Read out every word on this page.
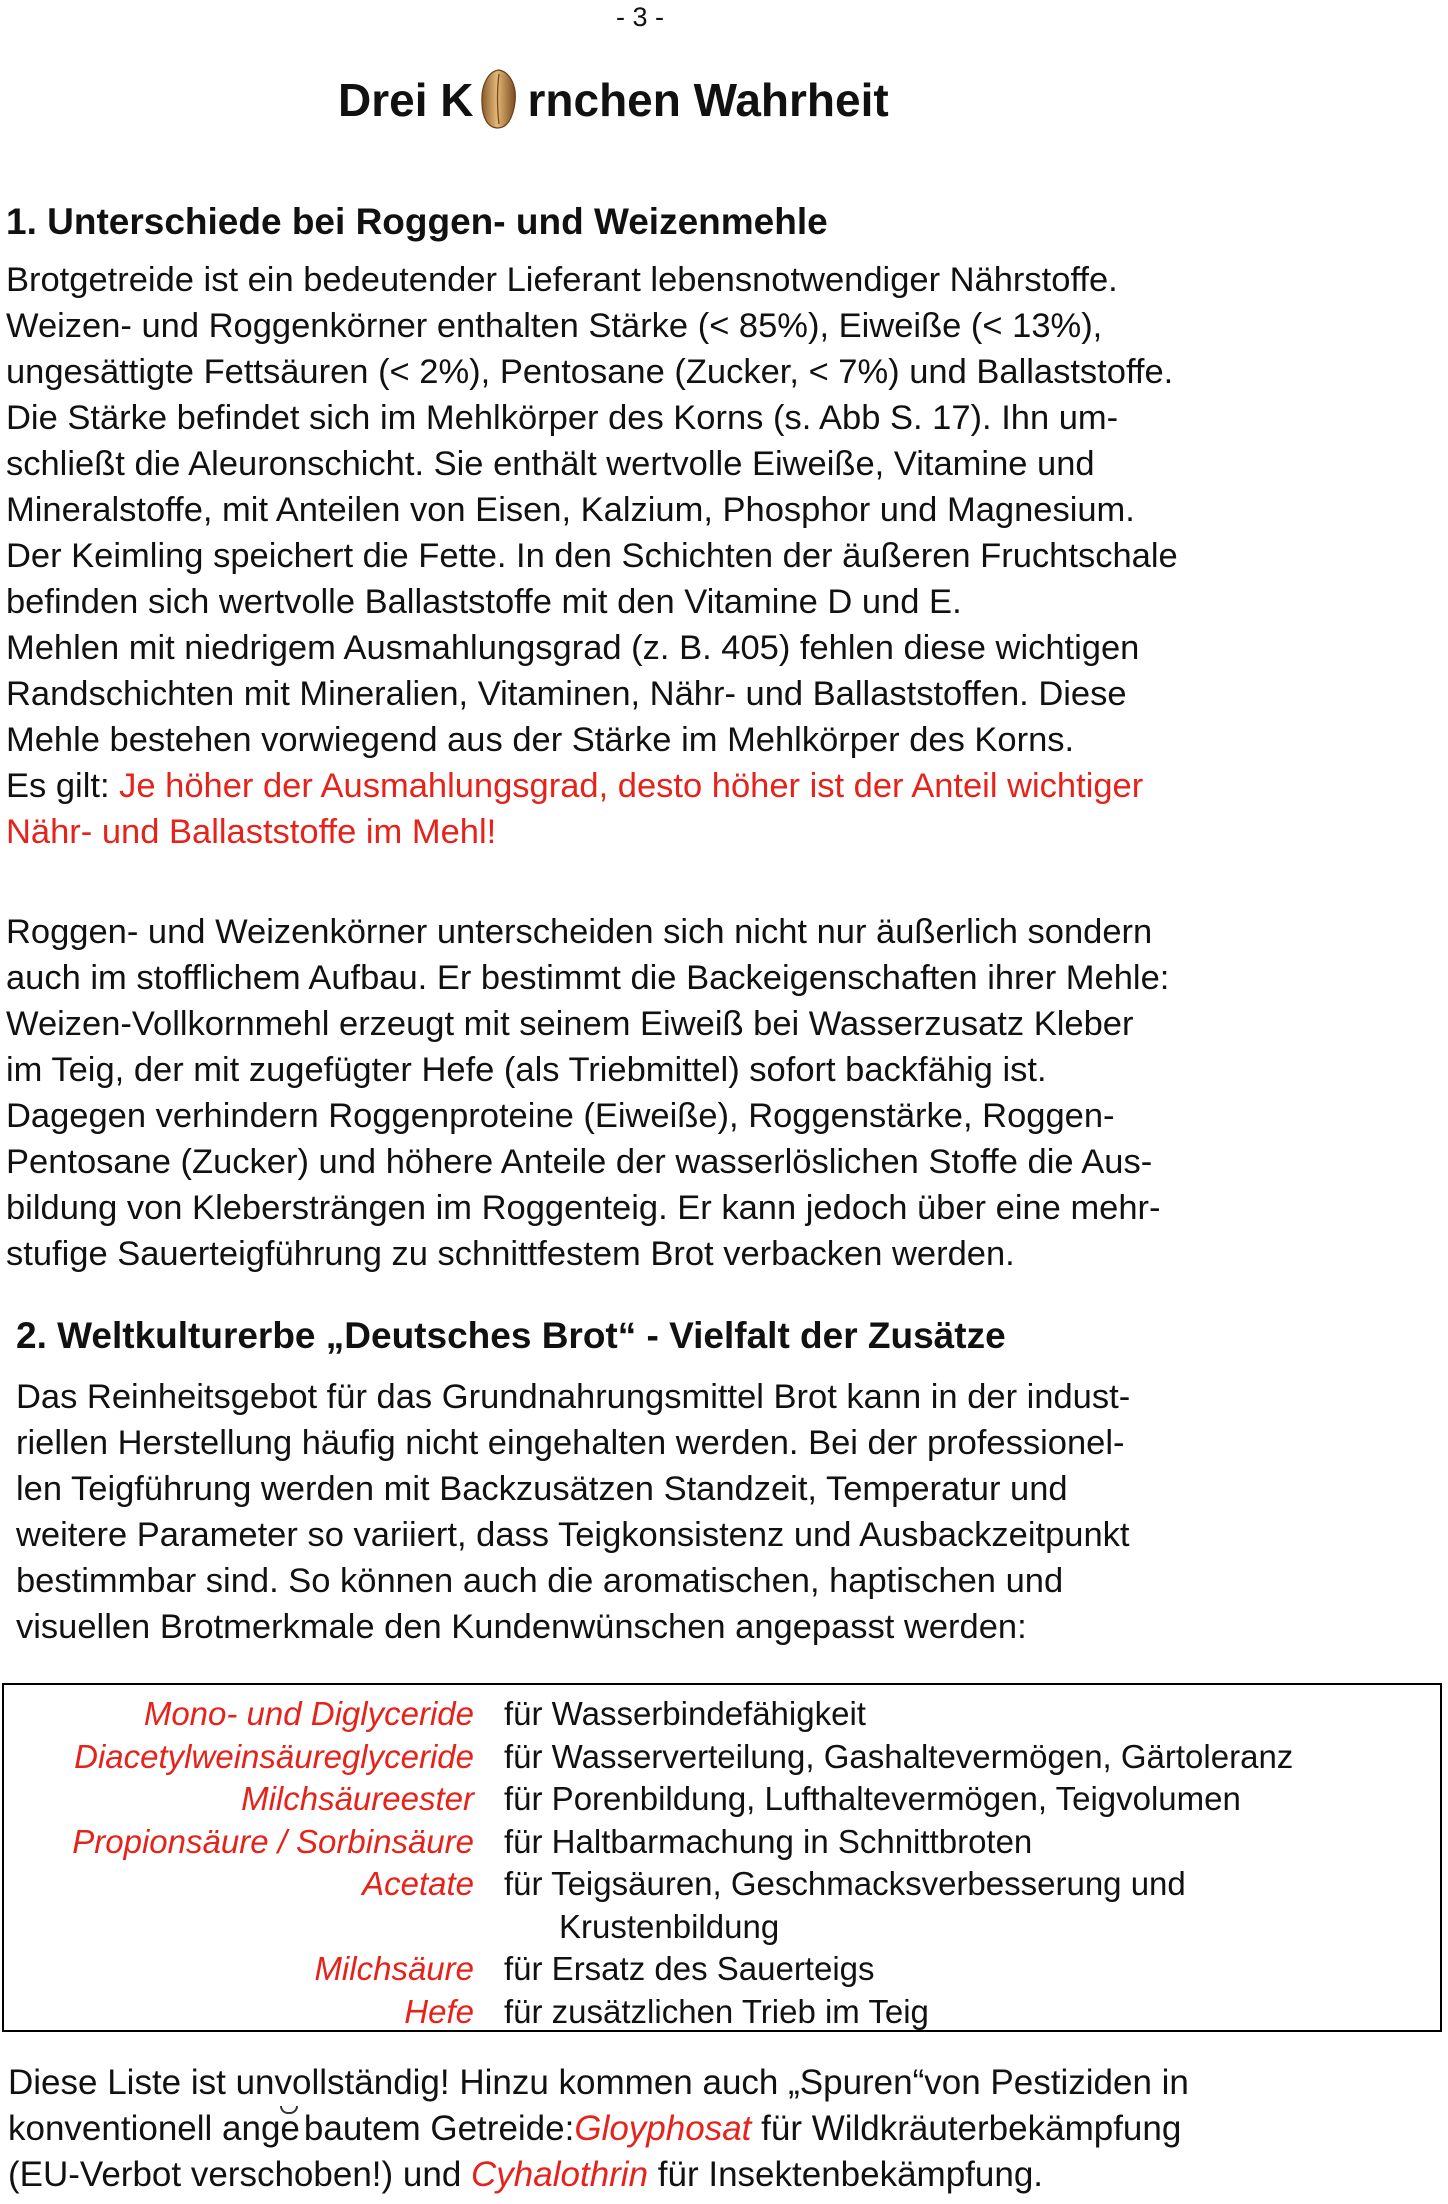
- 3 -
Drei K rnchen Wahrheit
1. Unterschiede bei Roggen- und Weizenmehle
Brotgetreide ist ein bedeutender Lieferant lebensnotwendiger Nährstoffe.
Weizen- und Roggenkörner enthalten Stärke (< 85%), Eiweiße (< 13%),
ungesättigte Fettsäuren (< 2%), Pentosane (Zucker, < 7%) und Ballaststoffe.
Die Stärke befindet sich im Mehlkörper des Korns (s. Abb S. 17). Ihn um-
schließt die Aleuronschicht. Sie enthält wertvolle Eiweiße, Vitamine und
Mineralstoffe, mit Anteilen von Eisen, Kalzium, Phosphor und Magnesium.
Der Keimling speichert die Fette. In den Schichten der äußeren Fruchtschale
befinden sich wertvolle Ballaststoffe mit den Vitamine D und E.
Mehlen mit niedrigem Ausmahlungsgrad (z. B. 405) fehlen diese wichtigen
Randschichten mit Mineralien, Vitaminen, Nähr- und Ballaststoffen. Diese
Mehle bestehen vorwiegend aus der Stärke im Mehlkörper des Korns.
Es gilt: Je höher der Ausmahlungsgrad, desto höher ist der Anteil wichtiger
Nähr- und Ballaststoffe im Mehl!
Roggen- und Weizenkörner unterscheiden sich nicht nur äußerlich sondern
auch im stofflichem Aufbau. Er bestimmt die Backeigenschaften ihrer Mehle:
Weizen-Vollkornmehl erzeugt mit seinem Eiweiß bei Wasserzusatz Kleber
im Teig, der mit zugefügter Hefe (als Triebmittel) sofort backfähig ist.
Dagegen verhindern Roggenproteine (Eiweiße), Roggenstärke, Roggen-
Pentosane (Zucker) und höhere Anteile der wasserlöslichen Stoffe die Aus-
bildung von Klebersträngen im Roggenteig. Er kann jedoch über eine mehr-
stufige Sauerteigführung zu schnittfestem Brot verbacken werden.
2. Weltkulturerbe „Deutsches Brot“ - Vielfalt der Zusätze
Das Reinheitsgebot für das Grundnahrungsmittel Brot kann in der indust-
riellen Herstellung häufig nicht eingehalten werden. Bei der professionel-
len Teigführung werden mit Backzusätzen Standzeit, Temperatur und
weitere Parameter so variiert, dass Teigkonsistenz und Ausbackzeitpunkt
bestimmbar sind. So können auch die aromatischen, haptischen und
visuellen Brotmerkmale den Kundenwünschen angepasst werden:
Mono- und Diglyceride	für Wasserbindefähigkeit
Diacetylweinsäureglyceride	für Wasserverteilung, Gashaltevermögen, Gärtoleranz
Milchsäureester	für Porenbildung, Lufthaltevermögen, Teigvolumen
Propionsäure / Sorbinsäure	für Haltbarmachung in Schnittbroten
Acetate	für Teigsäuren, Geschmacksverbesserung und
	Krustenbildung
Milchsäure	für Ersatz des Sauerteigs
Hefe	für zusätzlichen Trieb im Teig
Diese Liste ist unvollständig! Hinzu kommen auch „Spuren“von Pestiziden in
konventionell ange bautem Getreide:Gloyphosat für Wildkräuterbekämpfung
(EU-Verbot verschoben!) und Cyhalothrin für Insektenbekämpfung.
